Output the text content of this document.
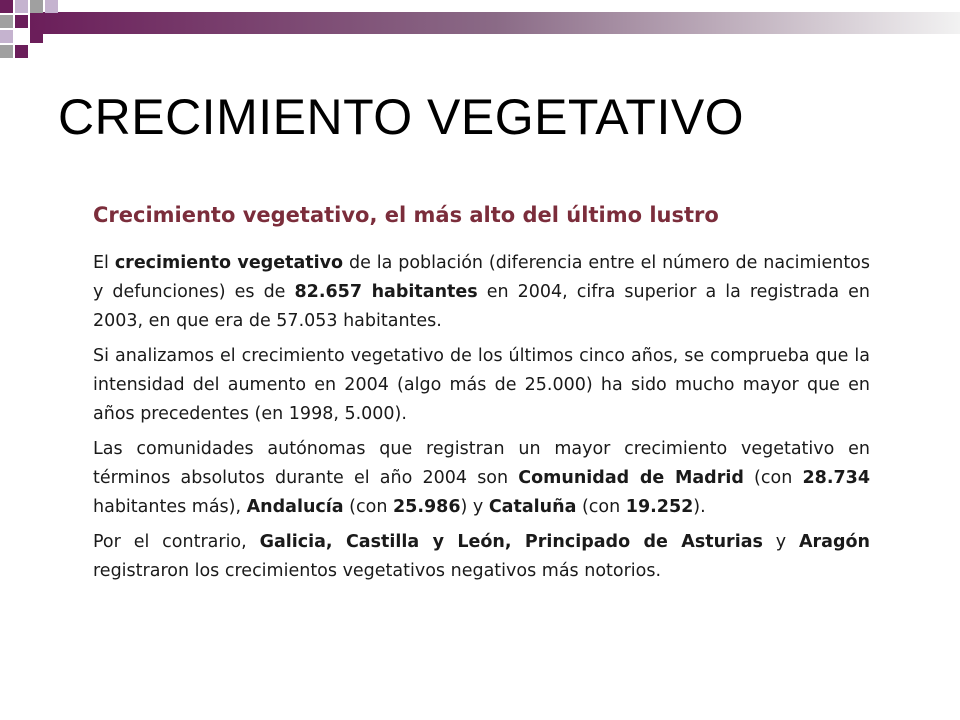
CRECIMIENTO VEGETATIVO
Crecimiento vegetativo, el más alto del último lustro

El crecimiento vegetativo de la población (diferencia entre el número de nacimientos y defunciones) es de 82.657 habitantes en 2004, cifra superior a la registrada en 2003, en que era de 57.053 habitantes.

Si analizamos el crecimiento vegetativo de los últimos cinco años, se comprueba que la intensidad del aumento en 2004 (algo más de 25.000) ha sido mucho mayor que en años precedentes (en 1998, 5.000).

Las comunidades autónomas que registran un mayor crecimiento vegetativo en términos absolutos durante el año 2004 son Comunidad de Madrid (con 28.734 habitantes más), Andalucía (con 25.986) y Cataluña (con 19.252).

Por el contrario, Galicia, Castilla y León, Principado de Asturias y Aragón registraron los crecimientos vegetativos negativos más notorios.
